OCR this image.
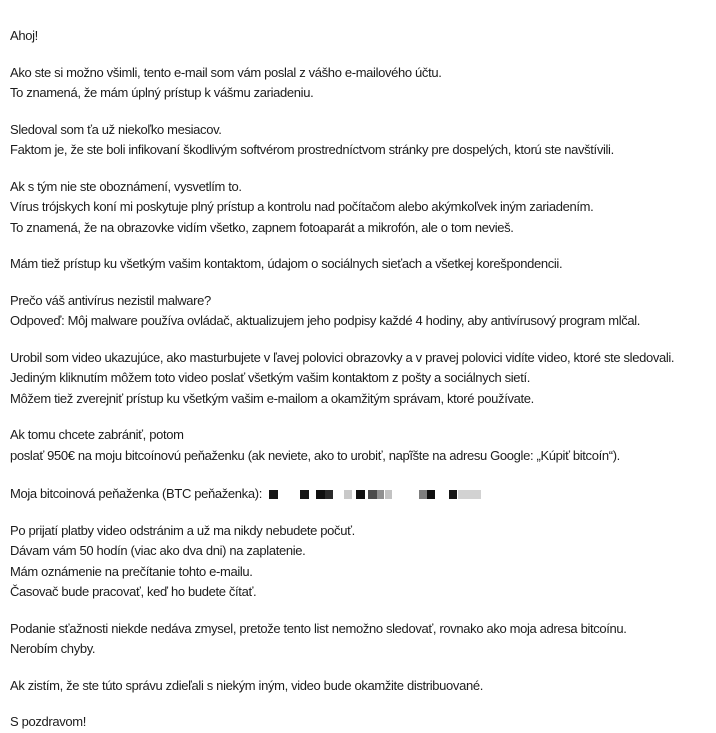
Ahoj!

Ako ste si možno všimli, tento e-mail som vám poslal z vášho e-mailového účtu.
To znamená, že mám úplný prístup k vášmu zariadeniu.

Sledoval som ťa už niekoľko mesiacov.
Faktom je, že ste boli infikovaní škodlivým softvérom prostredníctvom stránky pre dospelých, ktorú ste navštívili.

Ak s tým nie ste oboznámení, vysvetlím to.
Vírus trójskych koní mi poskytuje plný prístup a kontrolu nad počítačom alebo akýmkoľvek iným zariadením.
To znamená, že na obrazovke vidím všetko, zapnem fotoaparát a mikrofón, ale o tom nevieš.

Mám tiež prístup ku všetkým vašim kontaktom, údajom o sociálnych sieťach a všetkej korešpondencii.

Prečo váš antivírus nezistil malware?
Odpoveď: Môj malware používa ovládač, aktualizujem jeho podpisy každé 4 hodiny, aby antivírusový program mlčal.

Urobil som video ukazujúce, ako masturbujete v ľavej polovici obrazovky a v pravej polovici vidíte video, ktoré ste sledovali.
Jediným kliknutím môžem toto video poslať všetkým vašim kontaktom z pošty a sociálnych sietí.
Môžem tiež zverejniť prístup ku všetkým vašim e-mailom a okamžitým správam, ktoré používate.

Ak tomu chcete zabrániť, potom
poslať 950€ na moju bitcoínovú peňaženku (ak neviete, ako to urobiť, napĩšte na adresu Google: „Kúpiť bitcoín“).

Moja bitcoinová peňaženka (BTC peňaženka):

Po prijatí platby video odstránim a už ma nikdy nebudete počuť.
Dávam vám 50 hodín (viac ako dva dni) na zaplatenie.
Mám oznámenie na prečítanie tohto e-mailu.
Časovač bude pracovať, keď ho budete čítať.

Podanie sťažnosti niekde nedáva zmysel, pretože tento list nemožno sledovať, rovnako ako moja adresa bitcoínu.
Nerobím chyby.

Ak zistím, že ste túto správu zdieľali s niekým iným, video bude okamžite distribuované.

S pozdravom!
